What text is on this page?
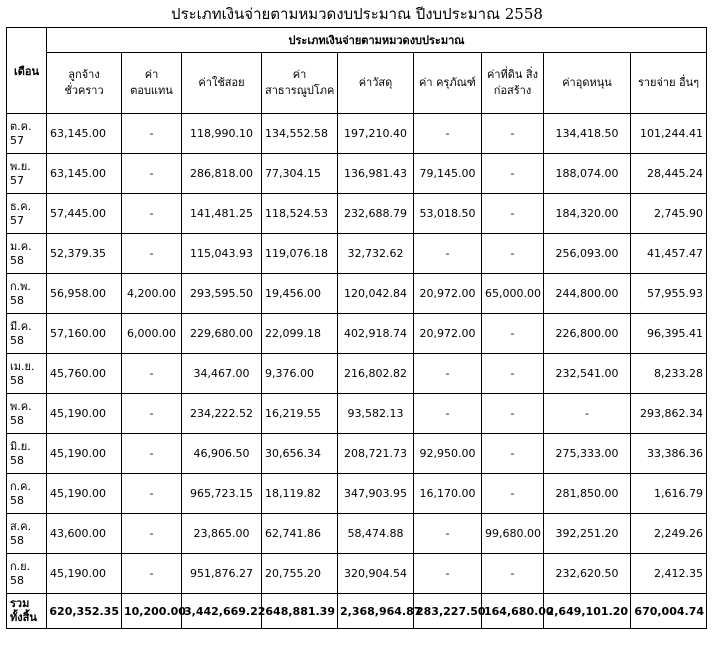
ประเภทเงินจ่ายตามหมวดงบประมาณ ปีงบประมาณ 2558
เดือน	ประเภทเงินจ่ายตามหมวดงบประมาณ								
	ลูกจ้าง ชั่วคราว	ค่าตอบแทน	ค่าใช้สอย	ค่า สาธารณูปโภค	ค่าวัสดุ	ค่า ครุภัณฑ์	ค่าที่ดิน สิ่งก่อสร้าง	ค่าอุดหนุน	รายจ่าย อื่นๆ
ต.ค. 57	63,145.00	-	118,990.10	134,552.58	197,210.40	-	-	134,418.50	101,244.41
พ.ย. 57	63,145.00	-	286,818.00	77,304.15	136,981.43	79,145.00	-	188,074.00	28,445.24
ธ.ค. 57	57,445.00	-	141,481.25	118,524.53	232,688.79	53,018.50	-	184,320.00	2,745.90
ม.ค. 58	52,379.35	-	115,043.93	119,076.18	32,732.62	-	-	256,093.00	41,457.47
ก.พ. 58	56,958.00	4,200.00	293,595.50	19,456.00	120,042.84	20,972.00	65,000.00	244,800.00	57,955.93
มี.ค. 58	57,160.00	6,000.00	229,680.00	22,099.18	402,918.74	20,972.00	-	226,800.00	96,395.41
เม.ย. 58	45,760.00	-	34,467.00	9,376.00	216,802.82	-	-	232,541.00	8,233.28
พ.ค. 58	45,190.00	-	234,222.52	16,219.55	93,582.13	-	-	-	293,862.34
มิ.ย. 58	45,190.00	-	46,906.50	30,656.34	208,721.73	92,950.00	-	275,333.00	33,386.36
ก.ค. 58	45,190.00	-	965,723.15	18,119.82	347,903.95	16,170.00	-	281,850.00	1,616.79
ส.ค. 58	43,600.00	-	23,865.00	62,741.86	58,474.88	-	99,680.00	392,251.20	2,249.26
ก.ย. 58	45,190.00	-	951,876.27	20,755.20	320,904.54	-	-	232,620.50	2,412.35
รวม ทั้งสิ้น	620,352.35	10,200.00	3,442,669.22	648,881.39	2,368,964.87	283,227.50	164,680.00	2,649,101.20	670,004.74
